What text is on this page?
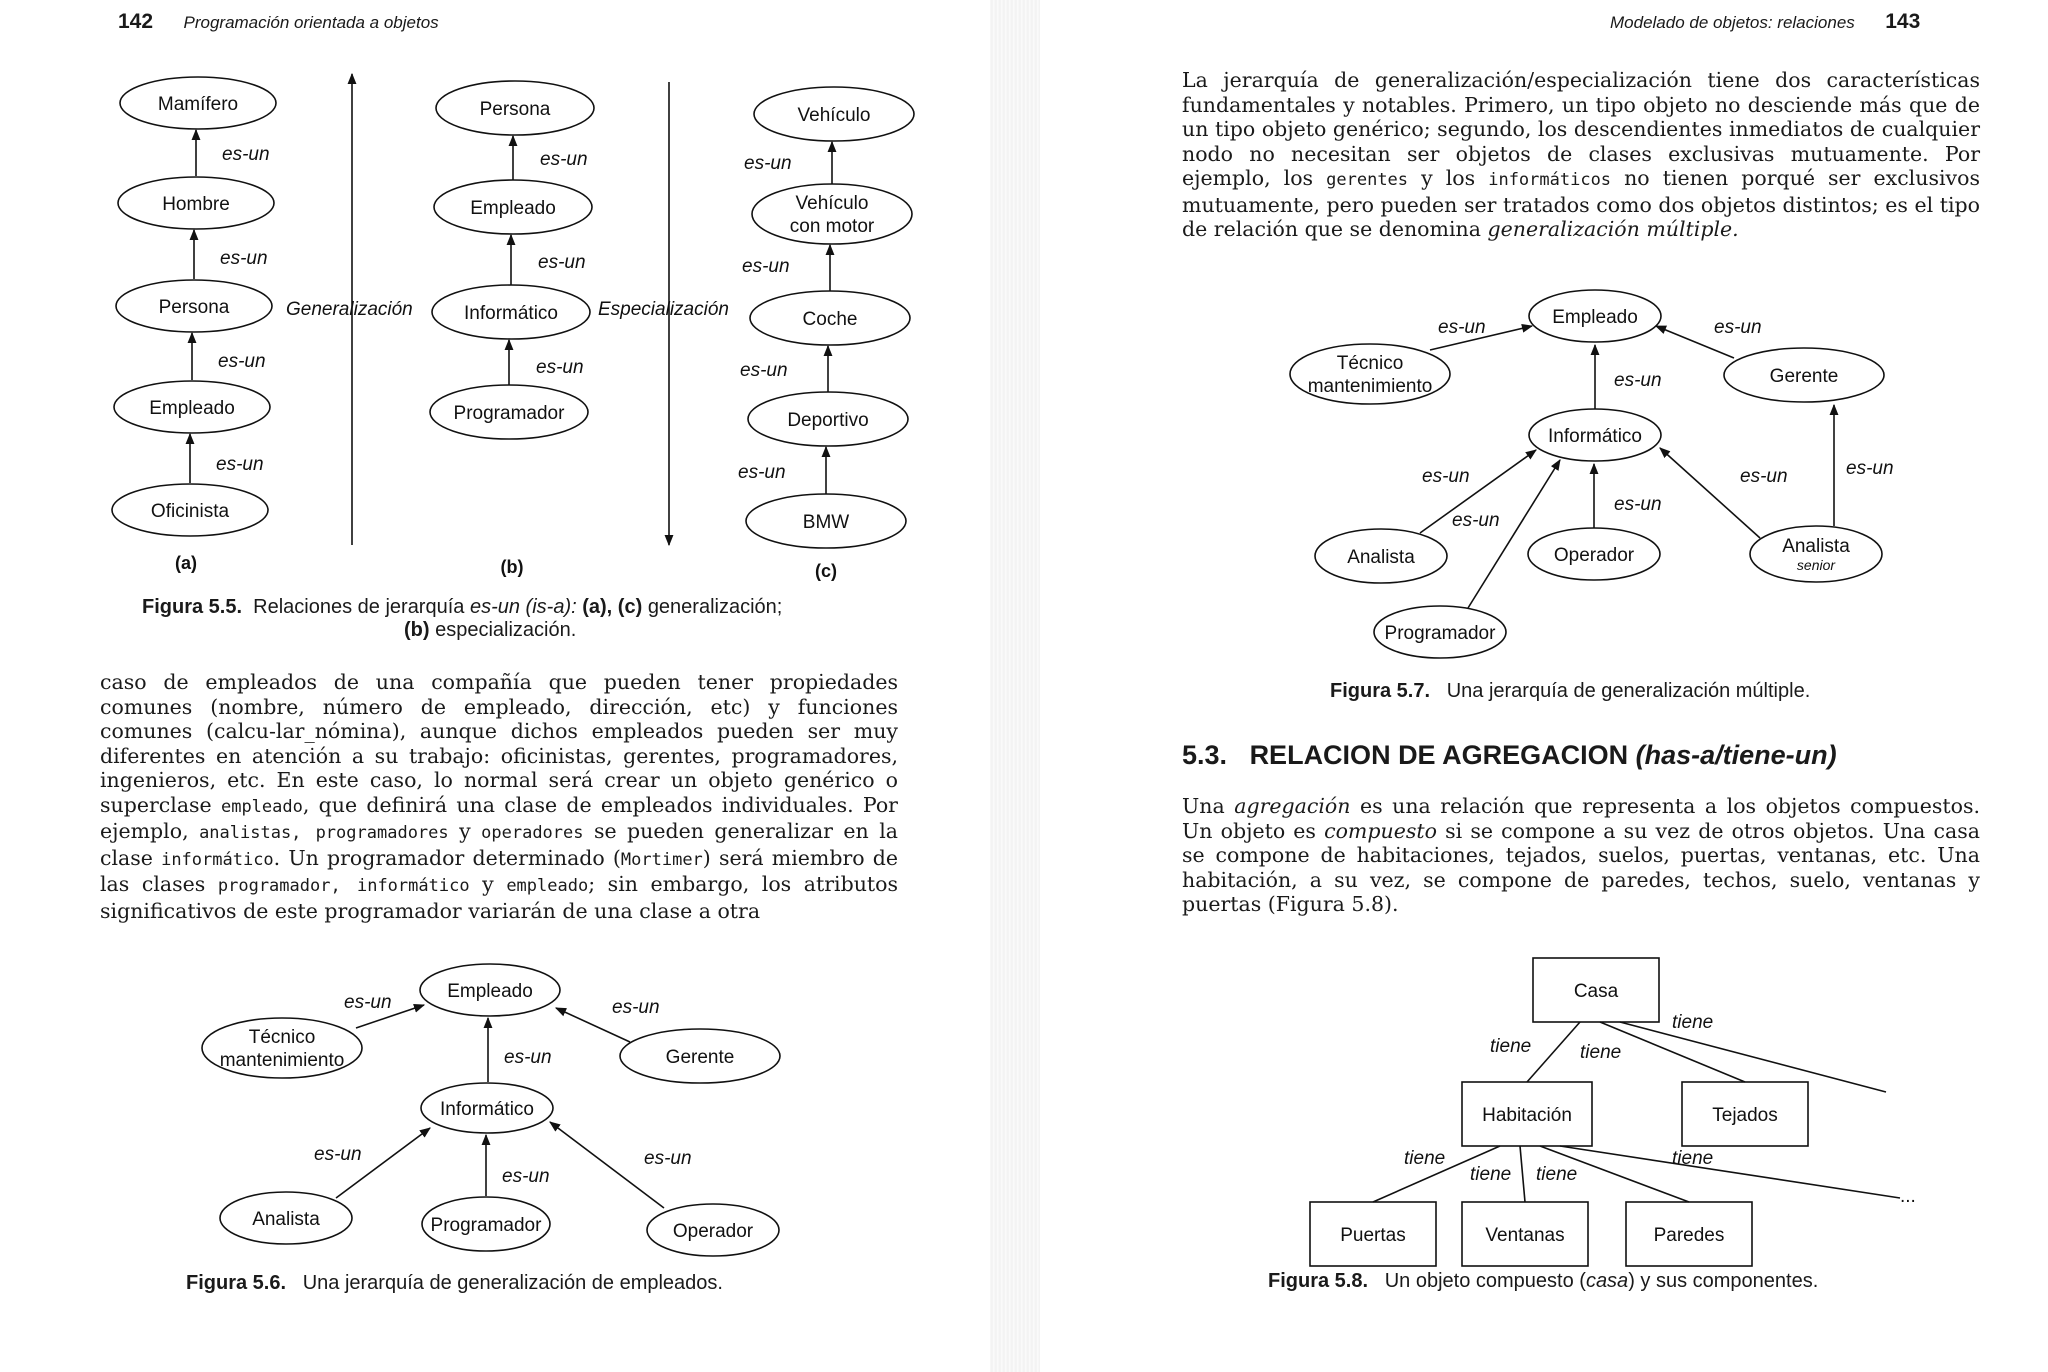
142 Programación orientada a objetos
Mamífero
Hombre
Persona
Empleado
Oficinista
Persona
Empleado
Informático
Programador
Vehículo
Vehículo
con motor
Coche
Deportivo
BMW
es-un
es-un
es-un
es-un
es-un
es-un
es-un
es-un
es-un
es-un
es-un
Generalización	Especialización
(a)	(b)	(c)
Figura 5.5. Relaciones de jerarquía es-un (is-a): (a), (c) generalización;
(b) especialización.
caso de empleados de una compañía que pueden tener propiedades comunes (nombre, número de empleado, dirección, etc) y funciones comunes (calcu-lar_nómina), aunque dichos empleados pueden ser muy diferentes en atención a su trabajo: oficinistas, gerentes, programadores, ingenieros, etc. En este caso, lo normal será crear un objeto genérico o superclase empleado, que definirá una clase de empleados individuales. Por ejemplo, analistas, programadores y operadores se pueden generalizar en la clase informático. Un programador determinado (Mortimer) será miembro de las clases programador, informático y empleado; sin embargo, los atributos significativos de este programador variarán de una clase a otra
Empleado
Técnico
mantenimiento	Gerente
Informático
Analista	Programador	Operador
es-un	es-un
es-un
es-un
es-un
es-un
Figura 5.6. Una jerarquía de generalización de empleados.
Modelado de objetos: relaciones 143
La jerarquía de generalización/especialización tiene dos características fundamentales y notables. Primero, un tipo objeto no desciende más que de un tipo objeto genérico; segundo, los descendientes inmediatos de cualquier nodo no necesitan ser objetos de clases exclusivas mutuamente. Por ejemplo, los gerentes y los informáticos no tienen porqué ser exclusivos mutuamente, pero pueden ser tratados como dos objetos distintos; es el tipo de relación que se denomina generalización múltiple.
Empleado
Técnico
mantenimiento	Gerente
Informático
Analista	Operador	Analista
senior
Programador
es-un	es-un
es-un
es-un
es-un
es-un
es-un	es-un
Figura 5.7. Una jerarquía de generalización múltiple.
5.3. RELACION DE AGREGACION (has-a/tiene-un)
Una agregación es una relación que representa a los objetos compuestos. Un objeto es compuesto si se compone a su vez de otros objetos. Una casa se compone de habitaciones, tejados, suelos, puertas, ventanas, etc. Una habitación, a su vez, se compone de paredes, techos, suelo, ventanas y puertas (Figura 5.8).
Casa
Habitación	Tejados
Puertas	Ventanas	Paredes
tiene	tiene
tiene
tiene
tiene tiene
tiene
...
Figura 5.8. Un objeto compuesto (casa) y sus componentes.
